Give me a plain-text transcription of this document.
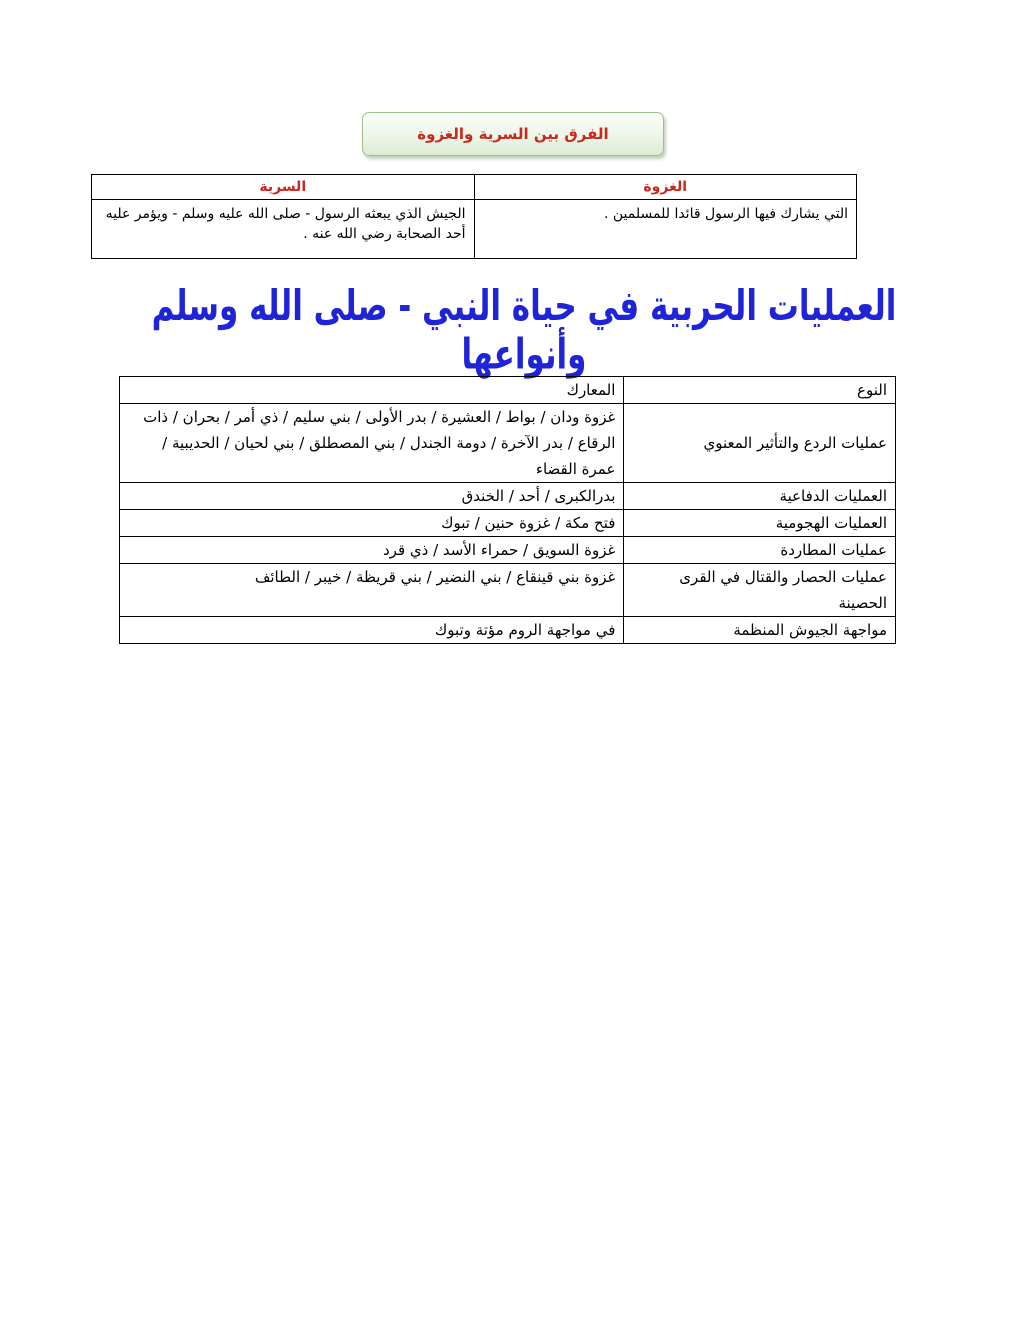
الفرق بين السرية والغزوة
الغزوة	السرية
التي يشارك فيها الرسول قائدا للمسلمين .	الجيش الذي يبعثه الرسول - صلى الله عليه وسلم - ويؤمر عليه أحد الصحابة رضي الله عنه .
العمليات الحربية في حياة النبي - صلى الله وسلم وأنواعها
النوع	المعارك
عمليات الردع والتأثير المعنوي	غزوة ودان / بواط / العشيرة / بدر الأولى / بني سليم / ذي أمر / بحران / ذات الرقاع / بدر الآخرة / دومة الجندل / بني المصطلق / بني لحيان / الحديبية / عمرة القضاء
العمليات الدفاعية	بدرالكبرى / أحد / الخندق
العمليات الهجومية	فتح مكة / غزوة حنين / تبوك
عمليات المطاردة	غزوة السويق / حمراء الأسد / ذي قرد
عمليات الحصار والقتال في القرى الحصينة	غزوة بني قينقاع / بني النضير / بني قريظة / خيبر / الطائف
مواجهة الجيوش المنظمة	في مواجهة الروم مؤتة وتبوك
